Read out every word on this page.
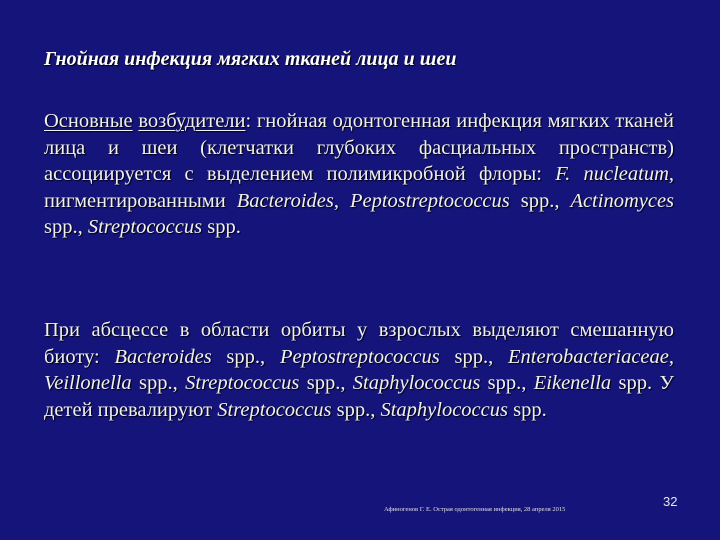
Гнойная инфекция мягких тканей лица и шеи
Основные возбудители: гнойная одонтогенная инфекция мягких тканей лица и шеи (клетчатки глубоких фасциальных пространств) ассоциируется с выделением полимикробной флоры: F. nucleatum, пигментированными Bacteroides, Peptostreptococcus spp., Actinomyces spp., Streptococcus spp.
При абсцессе в области орбиты у взрослых выделяют смешанную биоту: Bacteroides spp., Peptostreptococcus spp., Enterobacteriaceae, Veillonella spp., Streptococcus spp., Staphylococcus spp., Eikenella spp. У детей превалируют Streptococcus spp., Staphylococcus spp.
Афиногенов Г. Е. Острая одонтогенная инфекция, 28 апреля 2015
32
